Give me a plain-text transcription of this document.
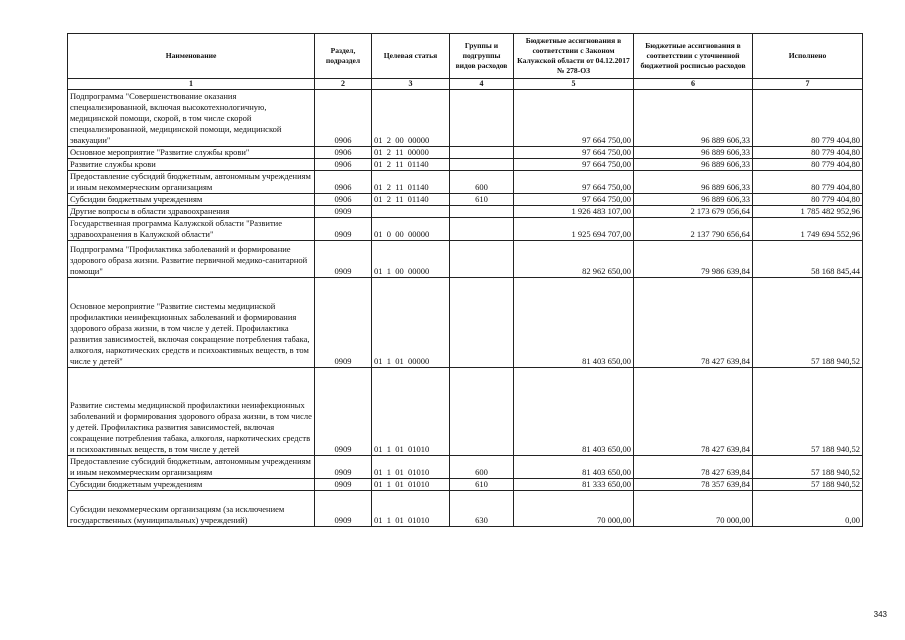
Наименование	Раздел, подраздел	Целевая статья	Группы и подгруппы видов расходов	Бюджетные ассигнования в соответствии с Законом Калужской области от 04.12.2017 № 278-ОЗ	Бюджетные ассигнования в соответствии с уточненной бюджетной росписью расходов	Исполнено
1	2	3	4	5	6	7
Подпрограмма "Совершенствование оказания специализированной, включая высокотехнологичную, медицинской помощи, скорой, в том числе скорой специализированной, медицинской помощи, медицинской эвакуации"	0906	01  2  00  00000		97 664 750,00	96 889 606,33	80 779 404,80
Основное мероприятие "Развитие службы крови"	0906	01  2  11  00000		97 664 750,00	96 889 606,33	80 779 404,80
Развитие службы крови	0906	01  2  11  01140		97 664 750,00	96 889 606,33	80 779 404,80
Предоставление субсидий бюджетным, автономным учреждениям и иным некоммерческим организациям	0906	01  2  11  01140	600	97 664 750,00	96 889 606,33	80 779 404,80
Субсидии бюджетным учреждениям	0906	01  2  11  01140	610	97 664 750,00	96 889 606,33	80 779 404,80
Другие вопросы в области здравоохранения	0909			1 926 483 107,00	2 173 679 056,64	1 785 482 952,96
Государственная программа Калужской области "Развитие здравоохранения в Калужской области"	0909	01  0  00  00000		1 925 694 707,00	2 137 790 656,64	1 749 694 552,96
Подпрограмма "Профилактика заболеваний и формирование здорового образа жизни. Развитие первичной медико-санитарной помощи"	0909	01  1  00  00000		82 962 650,00	79 986 639,84	58 168 845,44
Основное мероприятие "Развитие системы медицинской профилактики неинфекционных заболеваний и формирования здорового образа жизни, в том числе у детей. Профилактика развития зависимостей, включая сокращение потребления табака, алкоголя, наркотических средств и психоактивных веществ, в том числе у детей"	0909	01  1  01  00000		81 403 650,00	78 427 639,84	57 188 940,52
Развитие системы медицинской профилактики неинфекционных заболеваний и формирования здорового образа жизни, в том числе у детей. Профилактика развития зависимостей, включая сокращение потребления табака, алкоголя, наркотических средств и психоактивных веществ, в том числе у детей	0909	01  1  01  01010		81 403 650,00	78 427 639,84	57 188 940,52
Предоставление субсидий бюджетным, автономным учреждениям и иным некоммерческим организациям	0909	01  1  01  01010	600	81 403 650,00	78 427 639,84	57 188 940,52
Субсидии бюджетным учреждениям	0909	01  1  01  01010	610	81 333 650,00	78 357 639,84	57 188 940,52
Субсидии некоммерческим организациям (за исключением государственных (муниципальных) учреждений)	0909	01  1  01  01010	630	70 000,00	70 000,00	0,00
343
